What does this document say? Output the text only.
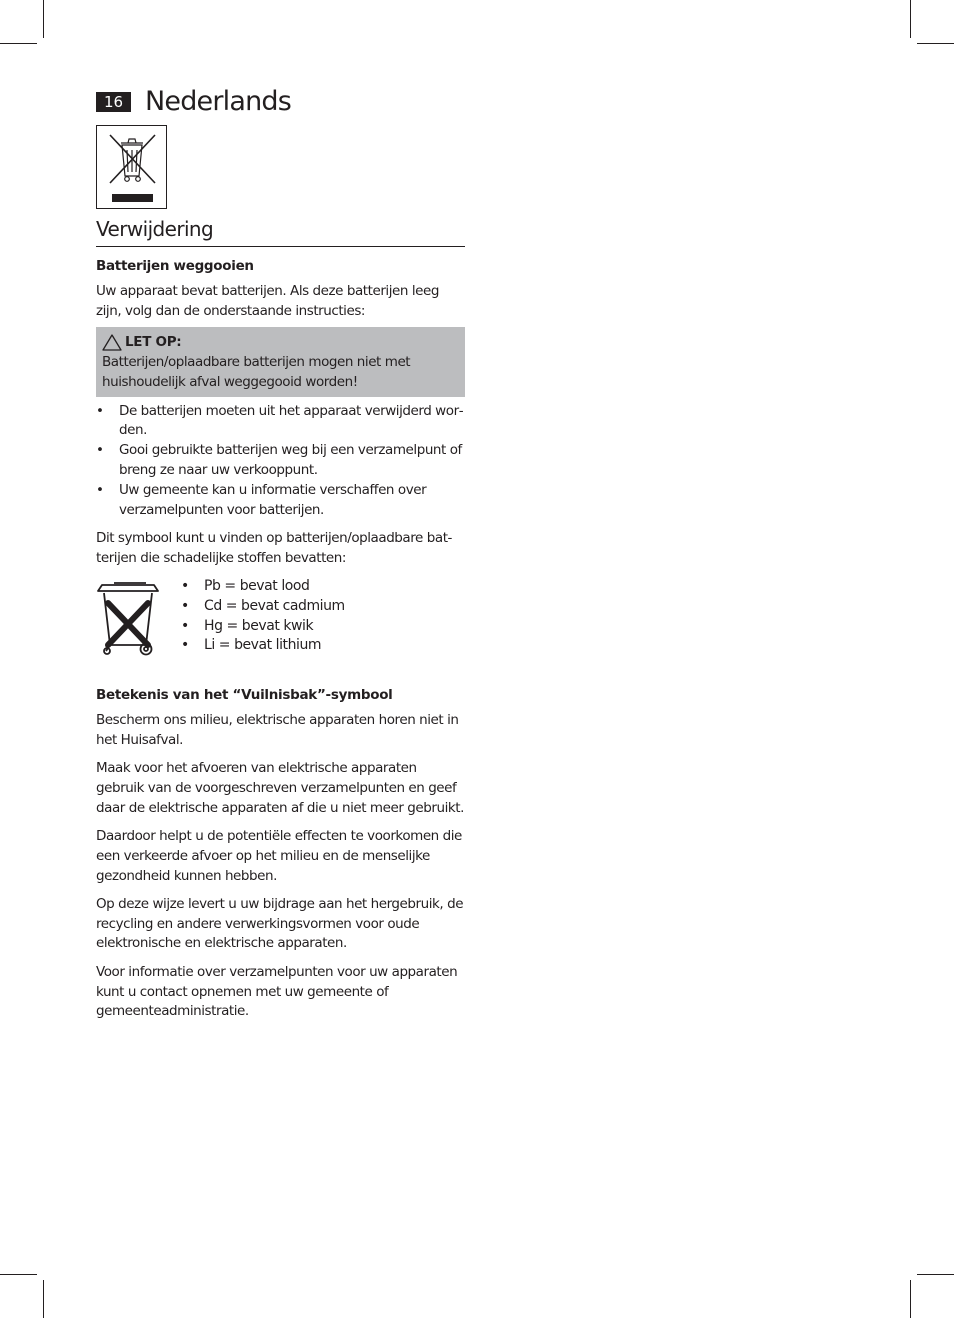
16 Nederlands
Verwijdering
Batterijen weggooien

Uw apparaat bevat batterijen. Als deze batterijen leeg zijn, volg dan de onderstaande instructies:

LET OP:

Batterijen/oplaadbare batterijen mogen niet met huishoudelijk afval weggegooid worden!

• De batterijen moeten uit het apparaat verwijderd worden.
• Gooi gebruikte batterijen weg bij een verzamelpunt of breng ze naar uw verkooppunt.
• Uw gemeente kan u informatie verschaffen over verzamelpunten voor batterijen.

Dit symbool kunt u vinden op batterijen/oplaadbare batterijen die schadelijke stoffen bevatten:

• Pb = bevat lood
• Cd = bevat cadmium
• Hg = bevat kwik
• Li = bevat lithium
Betekenis van het “Vuilnisbak”-symbool

Bescherm ons milieu, elektrische apparaten horen niet in het Huisafval.

Maak voor het afvoeren van elektrische apparaten gebruik van de voorgeschreven verzamelpunten en geef daar de elektrische apparaten af die u niet meer gebruikt.

Daardoor helpt u de potentiële effecten te voorkomen die een verkeerde afvoer op het milieu en de menselijke gezondheid kunnen hebben.

Op deze wijze levert u uw bijdrage aan het hergebruik, de recycling en andere verwerkingsvormen voor oude elektronische en elektrische apparaten.

Voor informatie over verzamelpunten voor uw apparaten kunt u contact opnemen met uw gemeente of gemeenteadministratie.
